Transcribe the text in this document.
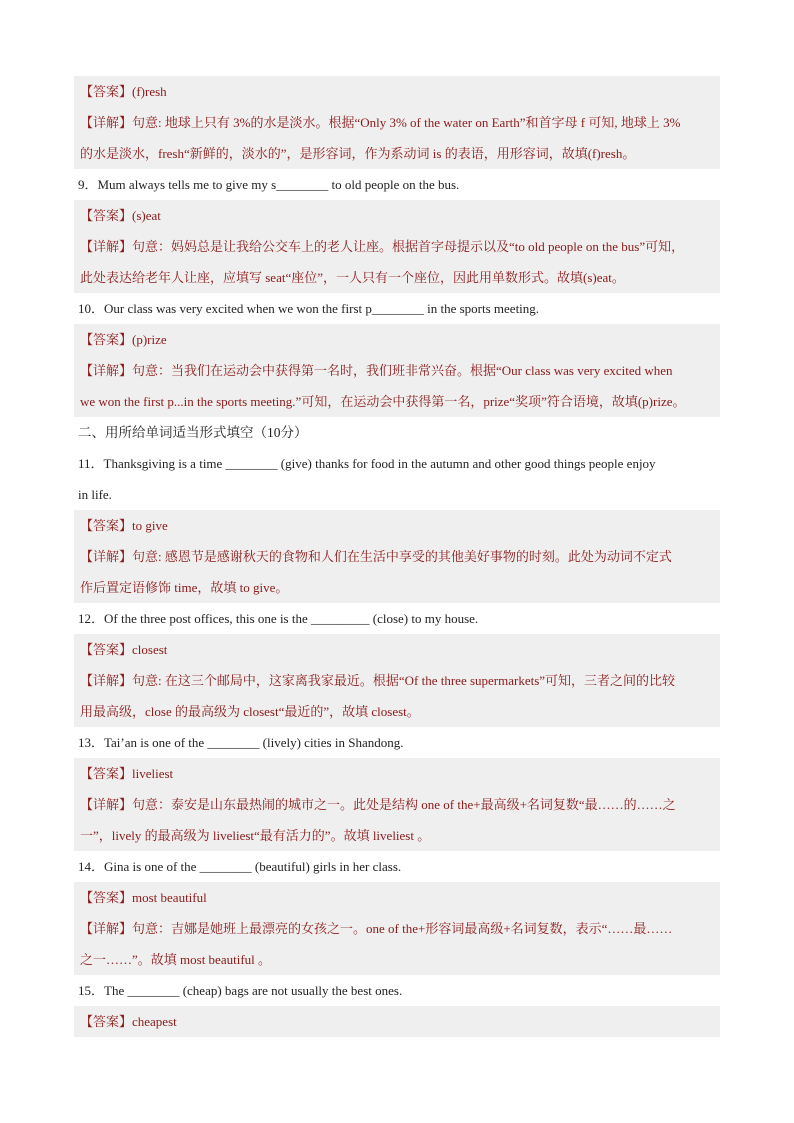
【答案】(f)resh
【详解】句意: 地球上只有 3%的水是淡水。根据“Only 3% of the water on Earth”和首字母 f 可知, 地球上 3%
的水是淡水，fresh“新鲜的，淡水的”，是形容词，作为系动词 is 的表语，用形容词，故填(f)resh。
9．Mum always tells me to give my s________ to old people on the bus.
【答案】(s)eat
【详解】句意：妈妈总是让我给公交车上的老人让座。根据首字母提示以及“to old people on the bus”可知，
此处表达给老年人让座，应填写 seat“座位”，一人只有一个座位，因此用单数形式。故填(s)eat。
10．Our class was very excited when we won the first p________ in the sports meeting.
【答案】(p)rize
【详解】句意：当我们在运动会中获得第一名时，我们班非常兴奋。根据“Our class was very excited when
we won the first p...in the sports meeting.”可知，在运动会中获得第一名，prize“奖项”符合语境，故填(p)rize。
二、用所给单词适当形式填空（10分）
11．Thanksgiving is a time ________ (give) thanks for food in the autumn and other good things people enjoy
in life.
【答案】to give
【详解】句意: 感恩节是感谢秋天的食物和人们在生活中享受的其他美好事物的时刻。此处为动词不定式
作后置定语修饰 time，故填 to give。
12．Of the three post offices, this one is the _________ (close) to my house.
【答案】closest
【详解】句意: 在这三个邮局中，这家离我家最近。根据“Of the three supermarkets”可知，三者之间的比较
用最高级，close 的最高级为 closest“最近的”，故填 closest。
13．Tai’an is one of the ________ (lively) cities in Shandong.
【答案】liveliest
【详解】句意：泰安是山东最热闹的城市之一。此处是结构 one of the+最高级+名词复数“最……的……之
一”，lively 的最高级为 liveliest“最有活力的”。故填 liveliest 。
14．Gina is one of the ________ (beautiful) girls in her class.
【答案】most beautiful
【详解】句意：吉娜是她班上最漂亮的女孩之一。one of the+形容词最高级+名词复数，表示“……最……
之一……”。故填 most beautiful 。
15．The ________ (cheap) bags are not usually the best ones.
【答案】cheapest
